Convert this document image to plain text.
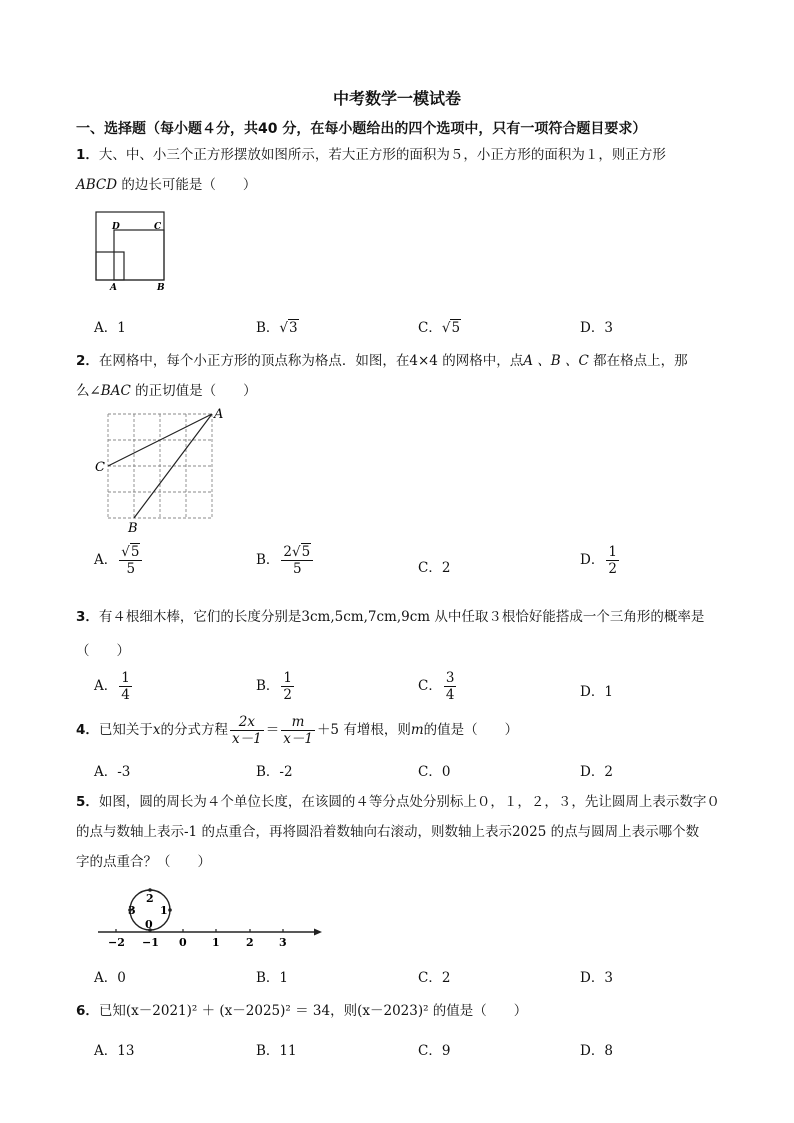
中考数学一模试卷
一、选择题（每小题４分，共40 分，在每小题给出的四个选项中，只有一项符合题目要求）
1．大、中、小三个正方形摆放如图所示，若大正方形的面积为５，小正方形的面积为１，则正方形
ABCD 的边长可能是（　　）
D	C
A	B
A．1	B．√3	C．√5	D．3
2．在网格中，每个小正方形的顶点称为格点．如图，在4×4 的网格中，点A 、B 、C 都在格点上，那
么∠BAC 的正切值是（　　）
A
C
B
A． $\frac{√5}{5}$	B． $\frac{2√5}{5}$	C．2	D． $\frac{1}{2}$
3．有４根细木棒，它们的长度分别是3cm,5cm,7cm,9cm 从中任取３根恰好能搭成一个三角形的概率是
（　　）
A． $\frac{1}{4}$	B． $\frac{1}{2}$	C． $\frac{3}{4}$	D．1
4．已知关于x的分式方程 $\frac{2x}{x-1} = \frac{m}{x-1} +5$ 有增根，则m的值是（　　）
A．-3	B．-2	C．0	D．2
5．如图，圆的周长为４个单位长度，在该圆的４等分点处分别标上０，１，２，３，先让圆周上表示数字０
的点与数轴上表示-1 的点重合，再将圆沿着数轴向右滚动，则数轴上表示2025 的点与圆周上表示哪个数
字的点重合？（　　）
2
1
0
3
−2 −1 0 1 2 3
A．0	B．1	C．2	D．3
6．已知(x－2021)² ＋ (x－2025)² ＝ 34，则(x－2023)² 的值是（　　）
A．13	B．11	C．9	D．8
